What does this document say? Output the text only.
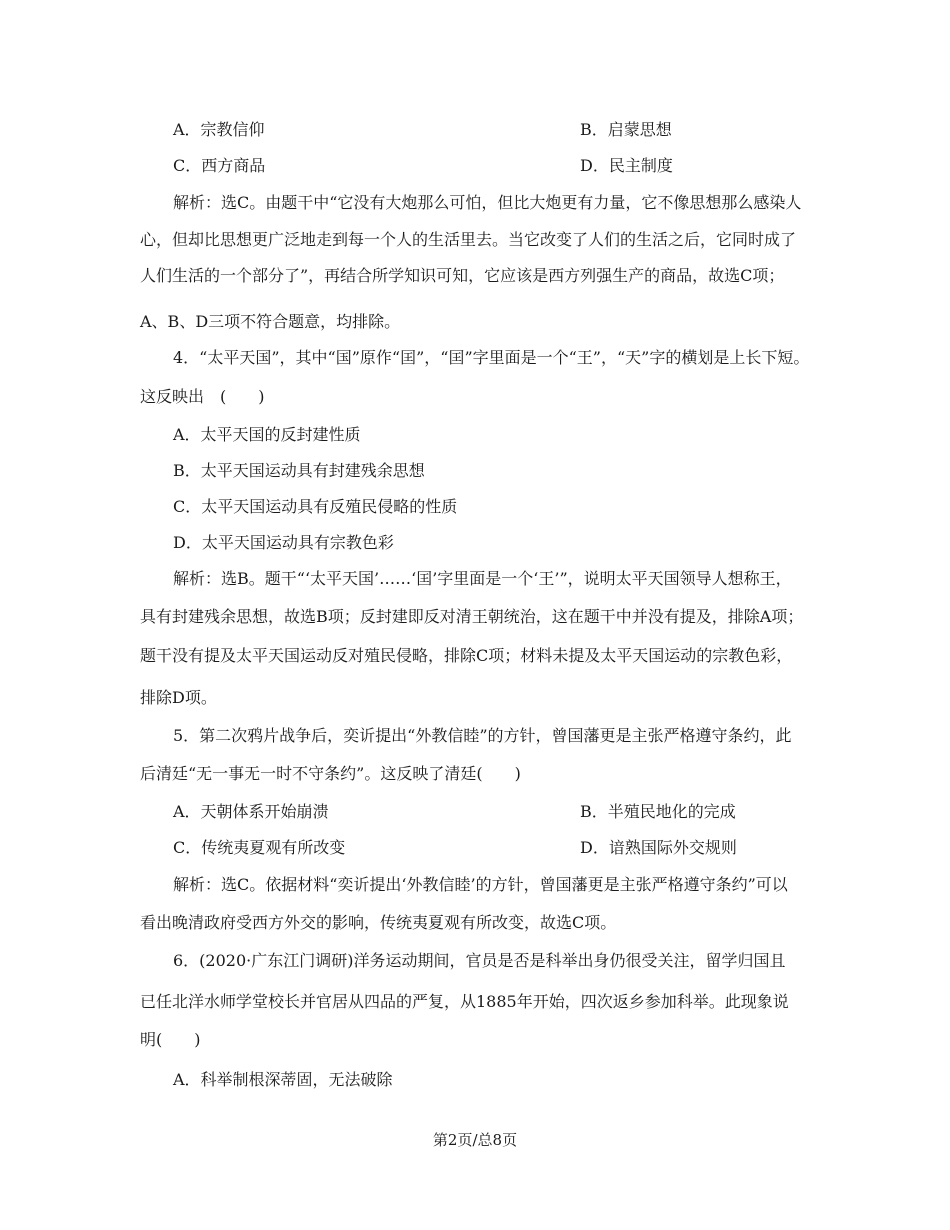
A．宗教信仰	B．启蒙思想
C．西方商品	D．民主制度
解析：选C。由题干中“它没有大炮那么可怕，但比大炮更有力量，它不像思想那么感染人
心，但却比思想更广泛地走到每一个人的生活里去。当它改变了人们的生活之后，它同时成了
人们生活的一个部分了”，再结合所学知识可知，它应该是西方列强生产的商品，故选C项；
A、B、D三项不符合题意，均排除。
4．“太平天国”，其中“国”原作“囯”，“囯”字里面是一个“王”，“天”字的横划是上长下短。
这反映出　(　　)
A．太平天国的反封建性质
B．太平天国运动具有封建残余思想
C．太平天国运动具有反殖民侵略的性质
D．太平天国运动具有宗教色彩
解析：选B。题干“‘太平天国’……‘囯’字里面是一个‘王’”，说明太平天国领导人想称王，
具有封建残余思想，故选B项；反封建即反对清王朝统治，这在题干中并没有提及，排除A项；
题干没有提及太平天国运动反对殖民侵略，排除C项；材料未提及太平天国运动的宗教色彩，
排除D项。
5．第二次鸦片战争后，奕䜣提出“外教信睦”的方针，曾国藩更是主张严格遵守条约，此
后清廷“无一事无一时不守条约”。这反映了清廷(　　)
A．天朝体系开始崩溃	B．半殖民地化的完成
C．传统夷夏观有所改变	D．谙熟国际外交规则
解析：选C。依据材料“奕䜣提出‘外教信睦’的方针，曾国藩更是主张严格遵守条约”可以
看出晚清政府受西方外交的影响，传统夷夏观有所改变，故选C项。
6．(2020·广东江门调研)洋务运动期间，官员是否是科举出身仍很受关注，留学归国且
已任北洋水师学堂校长并官居从四品的严复，从1885年开始，四次返乡参加科举。此现象说
明(　　)
A．科举制根深蒂固，无法破除
第2页/总8页
